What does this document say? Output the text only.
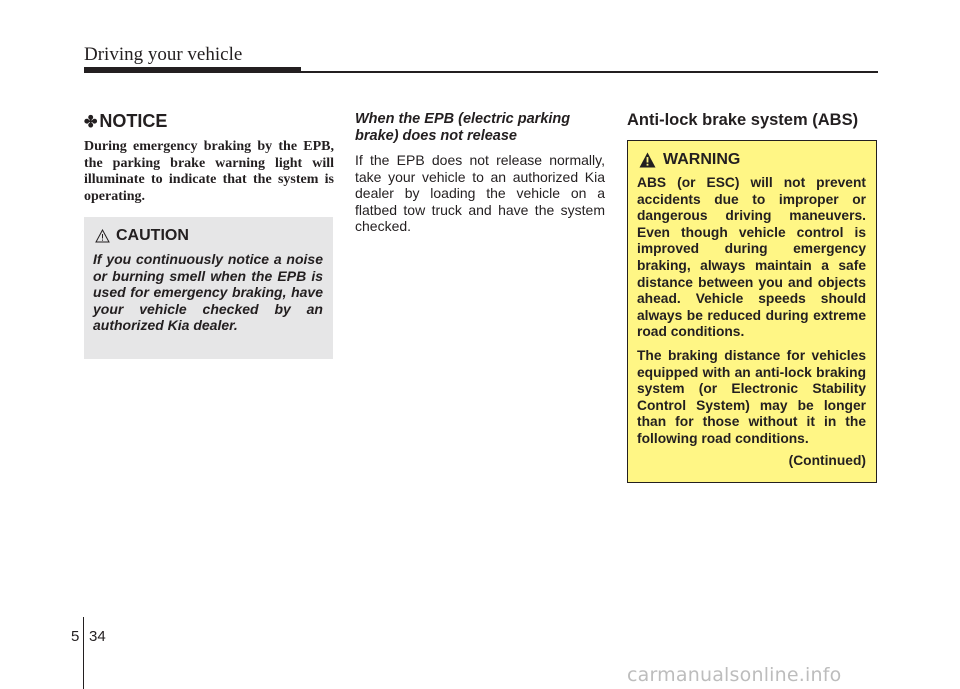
Driving your vehicle
✤ NOTICE
During emergency braking by the EPB, the parking brake warning light will illuminate to indicate that the system is operating.
CAUTION
If you continuously notice a noise or burning smell when the EPB is used for emergency braking, have your vehicle checked by an authorized Kia dealer.
When the EPB (electric parking brake) does not release
If the EPB does not release normally, take your vehicle to an authorized Kia dealer by loading the vehicle on a flatbed tow truck and have the system checked.
Anti-lock brake system (ABS)
WARNING

ABS (or ESC) will not prevent accidents due to improper or dangerous driving maneuvers. Even though vehicle control is improved during emergency braking, always maintain a safe distance between you and objects ahead. Vehicle speeds should always be reduced during extreme road conditions.

The braking distance for vehicles equipped with an anti-lock braking system (or Electronic Stability Control System) may be longer than for those without it in the following road conditions.

(Continued)
5 34
carmanualsonline.info
